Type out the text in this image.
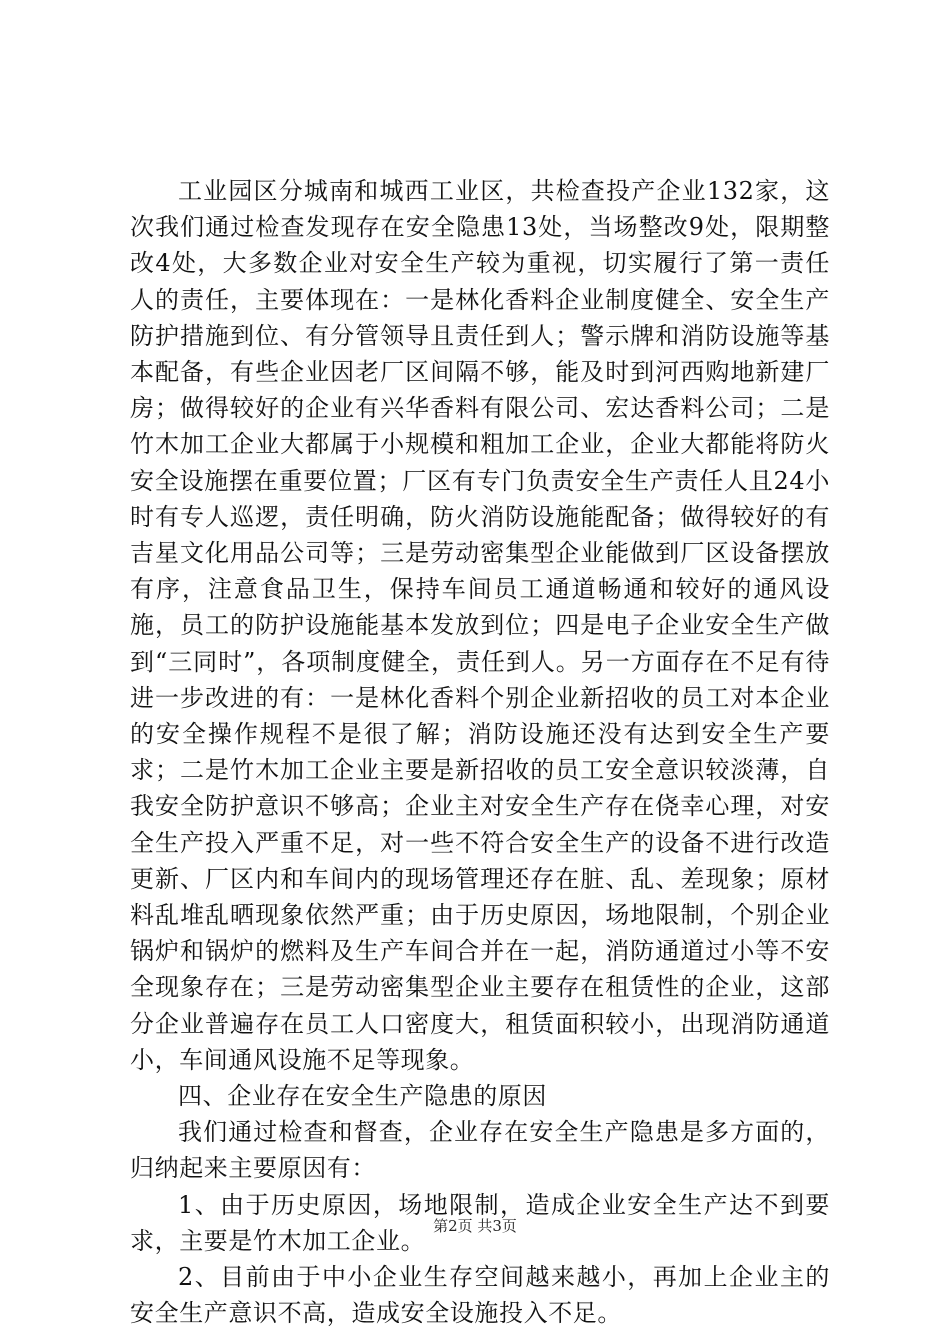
工业园区分城南和城西工业区，共检查投产企业132家，这次我们通过检查发现存在安全隐患13处，当场整改9处，限期整改4处，大多数企业对安全生产较为重视，切实履行了第一责任人的责任，主要体现在：一是林化香料企业制度健全、安全生产防护措施到位、有分管领导且责任到人；警示牌和消防设施等基本配备，有些企业因老厂区间隔不够，能及时到河西购地新建厂房；做得较好的企业有兴华香料有限公司、宏达香料公司；二是竹木加工企业大都属于小规模和粗加工企业，企业大都能将防火安全设施摆在重要位置；厂区有专门负责安全生产责任人且24小时有专人巡逻，责任明确，防火消防设施能配备；做得较好的有吉星文化用品公司等；三是劳动密集型企业能做到厂区设备摆放有序，注意食品卫生，保持车间员工通道畅通和较好的通风设施，员工的防护设施能基本发放到位；四是电子企业安全生产做到“三同时”，各项制度健全，责任到人。另一方面存在不足有待进一步改进的有：一是林化香料个别企业新招收的员工对本企业的安全操作规程不是很了解；消防设施还没有达到安全生产要求；二是竹木加工企业主要是新招收的员工安全意识较淡薄，自我安全防护意识不够高；企业主对安全生产存在侥幸心理，对安全生产投入严重不足，对一些不符合安全生产的设备不进行改造更新、厂区内和车间内的现场管理还存在脏、乱、差现象；原材料乱堆乱晒现象依然严重；由于历史原因，场地限制，个别企业锅炉和锅炉的燃料及生产车间合并在一起，消防通道过小等不安全现象存在；三是劳动密集型企业主要存在租赁性的企业，这部分企业普遍存在员工人口密度大，租赁面积较小，出现消防通道小，车间通风设施不足等现象。

四、企业存在安全生产隐患的原因

我们通过检查和督查，企业存在安全生产隐患是多方面的，归纳起来主要原因有：

1、由于历史原因，场地限制，造成企业安全生产达不到要求，主要是竹木加工企业。

2、目前由于中小企业生存空间越来越小，再加上企业主的安全生产意识不高，造成安全设施投入不足。

第2页 共3页
